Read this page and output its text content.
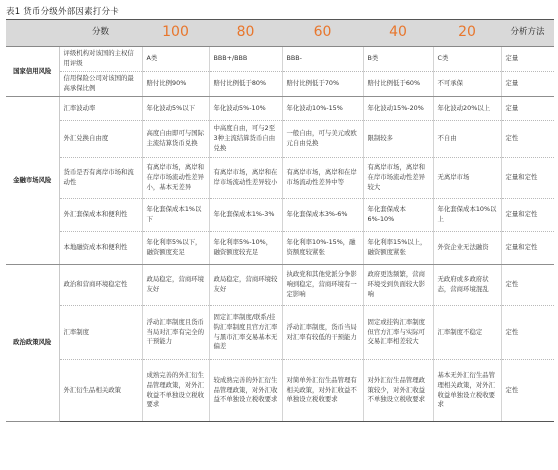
表1 货币分级外部因素打分卡
	分数	100	80	60	40	20	分析方法
国家信用风险	评级机构对该国的主权信用评级	A类	BBB+/BBB	BBB-	B类	C类	定量
	信用保险公司对该国的最高承保比例	赔付比例90%	赔付比例低于80%	赔付比例低于70%	赔付比例低于60%	不可承保	定量
金融市场风险	汇率波动率	年化波动5%以下	年化波动5%-10%	年化波动10%-15%	年化波动15%-20%	年化波动20%以上	定量
	外汇兑换自由度	高度自由即可与国际主流结算货币兑换	中高度自由，可与2至3种主流结算货币自由兑换	一般自由，可与美元或欧元自由兑换	限制较多	不自由	定性
	货币是否有离岸市场和流动性	有离岸市场，离岸和在岸市场流动性差异小，基本无差异	有离岸市场，离岸和在岸市场流动性差异较小	有离岸市场，离岸和在岸市场流动性差异中等	有离岸市场，离岸和在岸市场流动性差异较大	无离岸市场	定量和定性
	外汇套保成本和便利性	年化套保成本1%以下	年化套保成本1%-3%	年化套保成本3%-6%	年化套保成本6%-10%	年化套保成本10%以上	定量和定性
	本地融资成本和便利性	年化利率5%以下，融资额度充足	年化利率5%-10%，融资额度较充足	年化利率10%-15%，融资额度较紧张	年化利率15%以上，融资额度紧张	外资企业无法融资	定量和定性
政治政策风险	政治和营商环境稳定性	政局稳定，营商环境友好	政局稳定，营商环境较友好	执政党和其他党派分争影响到稳定，营商环境有一定影响	政府更迭频繁，营商环境受到负面较大影响	无政府或多政府状态，营商环境混乱	定性
	汇率制度	浮动汇率制度且货币当局对汇率有完全的干预能力	固定汇率制度/联系/挂钩汇率制度且官方汇率与黑市汇率交易基本无偏差	浮动汇率制度，货币当局对汇率有较低的干预能力	固定或挂钩汇率制度但官方汇率与实际可交易汇率相差较大	汇率制度不稳定	定性
	外汇衍生品相关政策	成熟完善的外汇衍生品管理政策，对外汇收益不单独设立税收要求	较成熟完善的外汇衍生品管理政策，对外汇收益不单独设立税收要求	对简单外汇衍生品管理有相关政策，对外汇收益不单独设立税收要求	对外汇衍生品管理政策较少，对外汇收益不单独设立税收要求	基本无外汇衍生品管理相关政策，对外汇收益单独设立税收要求	定性
